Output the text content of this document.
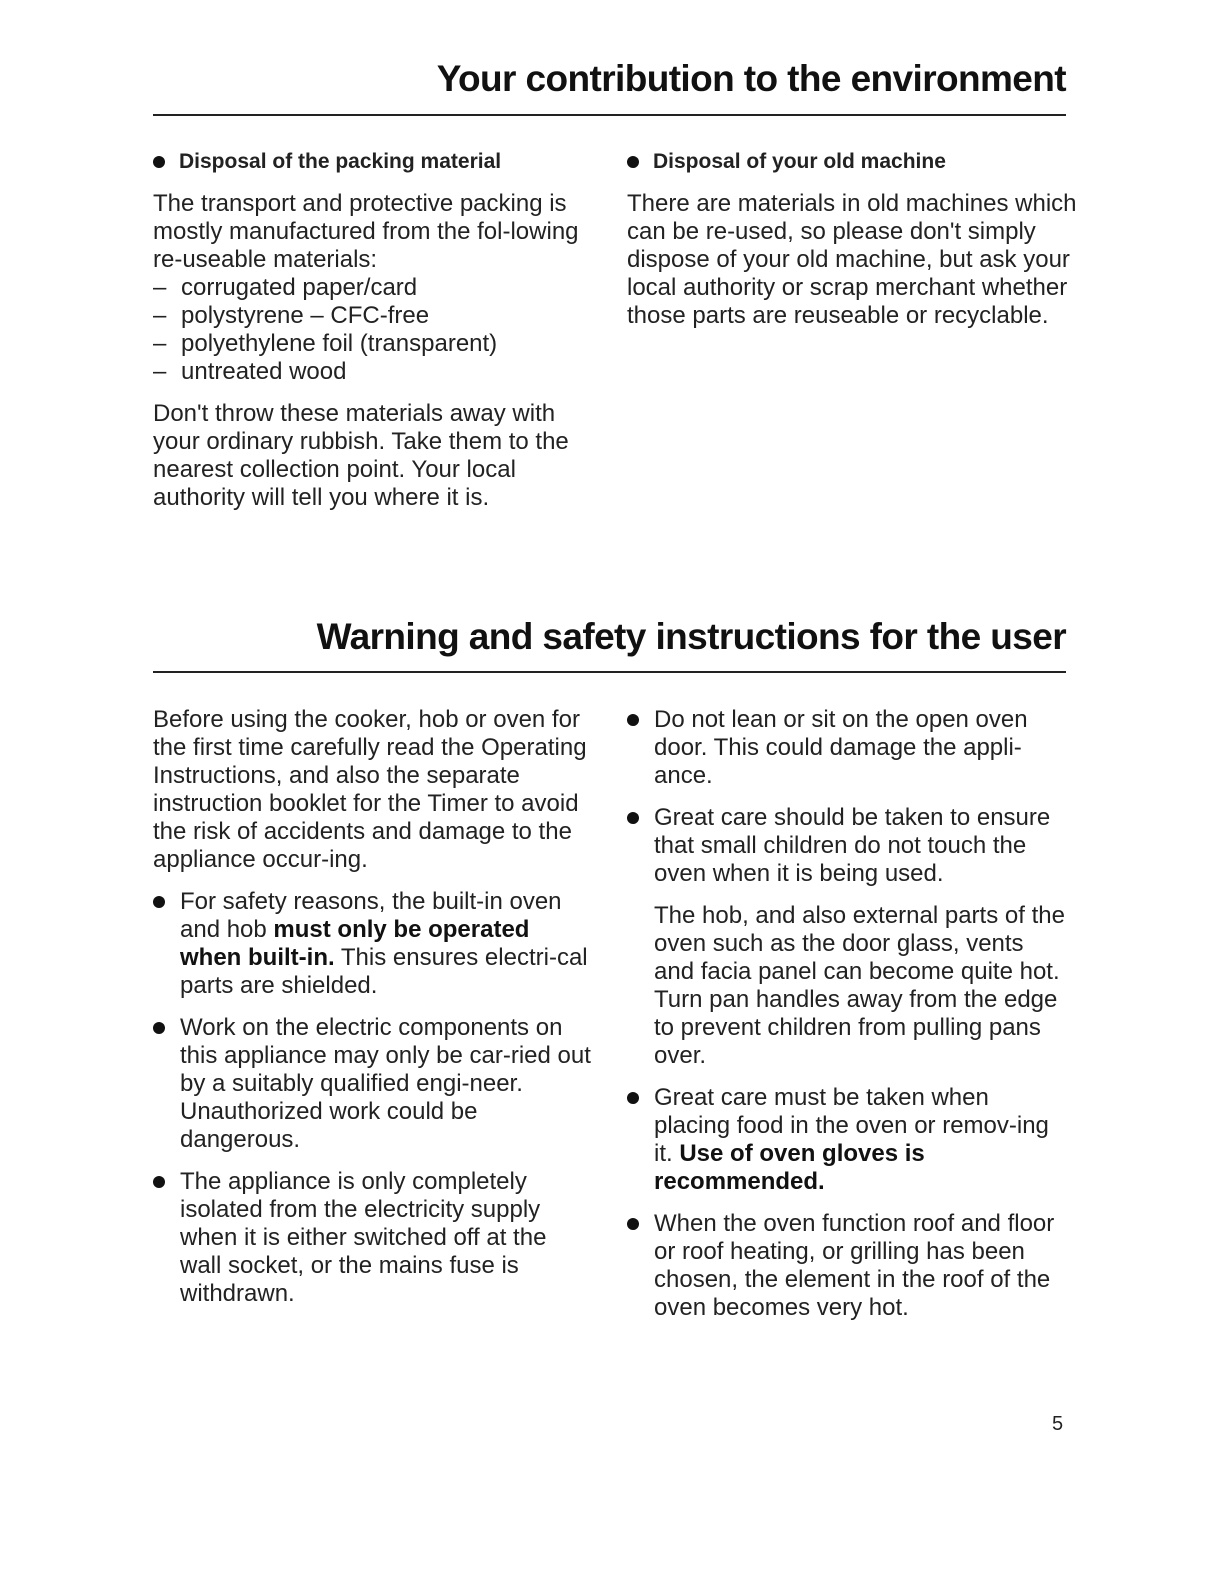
Your contribution to the environment
Disposal of the packing material

The transport and protective packing is mostly manufactured from the fol-lowing re-useable materials:

– corrugated paper/card
– polystyrene – CFC-free
– polyethylene foil (transparent)
– untreated wood

Don't throw these materials away with your ordinary rubbish. Take them to the nearest collection point. Your local authority will tell you where it is.

Disposal of your old machine

There are materials in old machines which can be re-used, so please don't simply dispose of your old machine, but ask your local authority or scrap merchant whether those parts are reuseable or recyclable.

Warning and safety instructions for the user

Before using the cooker, hob or oven for the first time carefully read the Operating Instructions, and also the separate instruction booklet for the Timer to avoid the risk of accidents and damage to the appliance occur-ing.

For safety reasons, the built-in oven and hob must only be operated when built-in. This ensures electri-cal parts are shielded.

Work on the electric components on this appliance may only be car-ried out by a suitably qualified engi-neer. Unauthorized work could be dangerous.

The appliance is only completely isolated from the electricity supply when it is either switched off at the wall socket, or the mains fuse is withdrawn.

Do not lean or sit on the open oven door. This could damage the appli-ance.

Great care should be taken to ensure that small children do not touch the oven when it is being used.

The hob, and also external parts of the oven such as the door glass, vents and facia panel can become quite hot. Turn pan handles away from the edge to prevent children from pulling pans over.

Great care must be taken when placing food in the oven or remov-ing it. Use of oven gloves is recommended.

When the oven function roof and floor or roof heating, or grilling has been chosen, the element in the roof of the oven becomes very hot.

5
